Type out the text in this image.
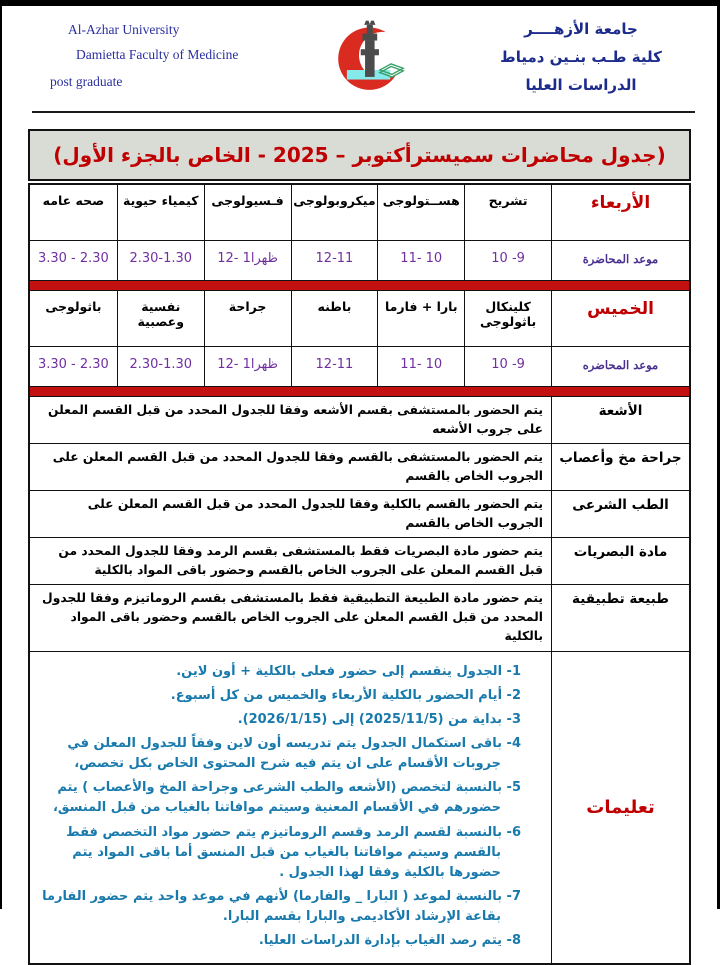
Al-Azhar University
Damietta Faculty of Medicine
post graduate
جامعة الأزهــــر
كلية طـب بنـين دمياط
الدراسات العليا
(جدول محاضرات سميسترأكتوبر – 2025 - الخاص بالجزء الأول)
الأربعاء
تشريح
هســتولوجى
ميكروبولوجى
فـسيولوجى
كيمياء حيوية
صحه عامه
موعد المحاضرة
10 -9
11- 10
12-11
12- 1ظهرا
2.30-1.30
3.30 - 2.30
الخميس
كلينكال باثولوجى
بارا + فارما
باطنه
جراحة
نفسية وعصبية
باثولوجى
موعد المحاضره
10 -9
11- 10
12-11
12- 1ظهرا
2.30-1.30
3.30 - 2.30
الأشعة
يتم الحضور بالمستشفى بقسم الأشعه وفقا للجدول المحدد من قبل القسم المعلن على جروب الأشعه
جراحة مخ وأعصاب
يتم الحضور بالمستشفى بالقسم وفقا للجدول المحدد من قبل القسم المعلن على الجروب الخاص بالقسم
الطب الشرعى
يتم الحضور بالقسم بالكلية وفقا للجدول المحدد من قبل القسم المعلن على الجروب الخاص بالقسم
مادة البصريات
يتم حضور مادة البصريات فقط بالمستشفى بقسم الرمد وفقا للجدول المحدد من قبل القسم المعلن على الجروب الخاص بالقسم وحضور باقى المواد بالكلية
طبيعة تطبيقية
يتم حضور مادة الطبيعة التطبيقية فقط بالمستشفى بقسم الروماتيزم وفقا للجدول المحدد من قبل القسم المعلن على الجروب الخاص بالقسم وحضور باقى المواد بالكلية
تعليمات
1- الجدول ينقسم إلى حضور فعلى بالكلية + أون لاين.
2- أيام الحضور بالكلية الأربعاء والخميس من كل أسبوع.
3- بداية من (2025/11/5) إلى (2026/1/15).
4- باقى استكمال الجدول يتم تدريسه أون لاين وفقاً للجدول المعلن في جروبات الأقسام على ان يتم فيه شرح المحتوى الخاص بكل تخصص،
5- بالنسبة لتخصص (الأشعه والطب الشرعى وجراحة المخ والأعصاب ) يتم حضورهم في الأقسام المعنية وسيتم موافاتنا بالغياب من قبل المنسق،
6- بالنسبة لقسم الرمد وقسم الروماتيزم يتم حضور مواد التخصص فقط بالقسم وسيتم موافاتنا بالغياب من قبل المنسق أما باقى المواد يتم حضورها بالكلية وفقا لهذا الجدول .
7- بالنسبة لموعد ( البارا _ والفارما) لأنهم في موعد واحد يتم حضور الفارما بقاعة الإرشاد الأكاديمى والبارا بقسم البارا.
8- يتم رصد الغياب بإدارة الدراسات العليا.
